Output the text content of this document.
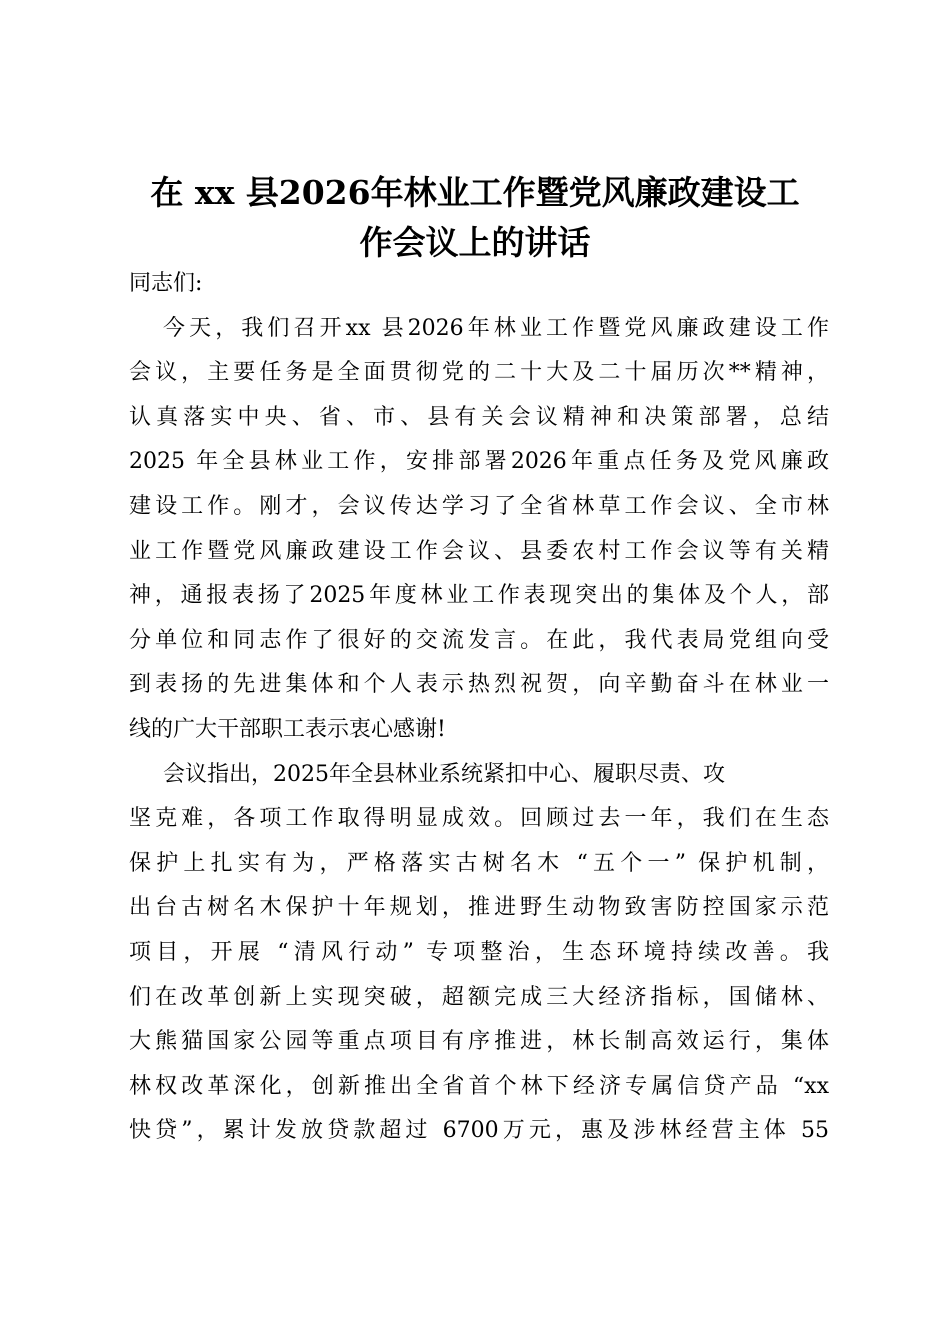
在 xx 县2026年林业工作暨党风廉政建设工
作会议上的讲话
同志们:
今天，我们召开xx 县2026年林业工作暨党风廉政建设工作
会议，主要任务是全面贯彻党的二十大及二十届历次**精神，
认真落实中央、省、市、县有关会议精神和决策部署，总结
2025 年全县林业工作，安排部署2026年重点任务及党风廉政
建设工作。刚才，会议传达学习了全省林草工作会议、全市林
业工作暨党风廉政建设工作会议、县委农村工作会议等有关精
神，通报表扬了2025年度林业工作表现突出的集体及个人，部
分单位和同志作了很好的交流发言。在此，我代表局党组向受
到表扬的先进集体和个人表示热烈祝贺，向辛勤奋斗在林业一
线的广大干部职工表示衷心感谢!
会议指出，2025年全县林业系统紧扣中心、履职尽责、攻
坚克难，各项工作取得明显成效。回顾过去一年，我们在生态
保护上扎实有为，严格落实古树名木 “五个一” 保护机制，
出台古树名木保护十年规划，推进野生动物致害防控国家示范
项目，开展 “清风行动” 专项整治，生态环境持续改善。我
们在改革创新上实现突破，超额完成三大经济指标，国储林、
大熊猫国家公园等重点项目有序推进，林长制高效运行，集体
林权改革深化，创新推出全省首个林下经济专属信贷产品 “xx
快贷”，累计发放贷款超过 6700万元，惠及涉林经营主体 55
